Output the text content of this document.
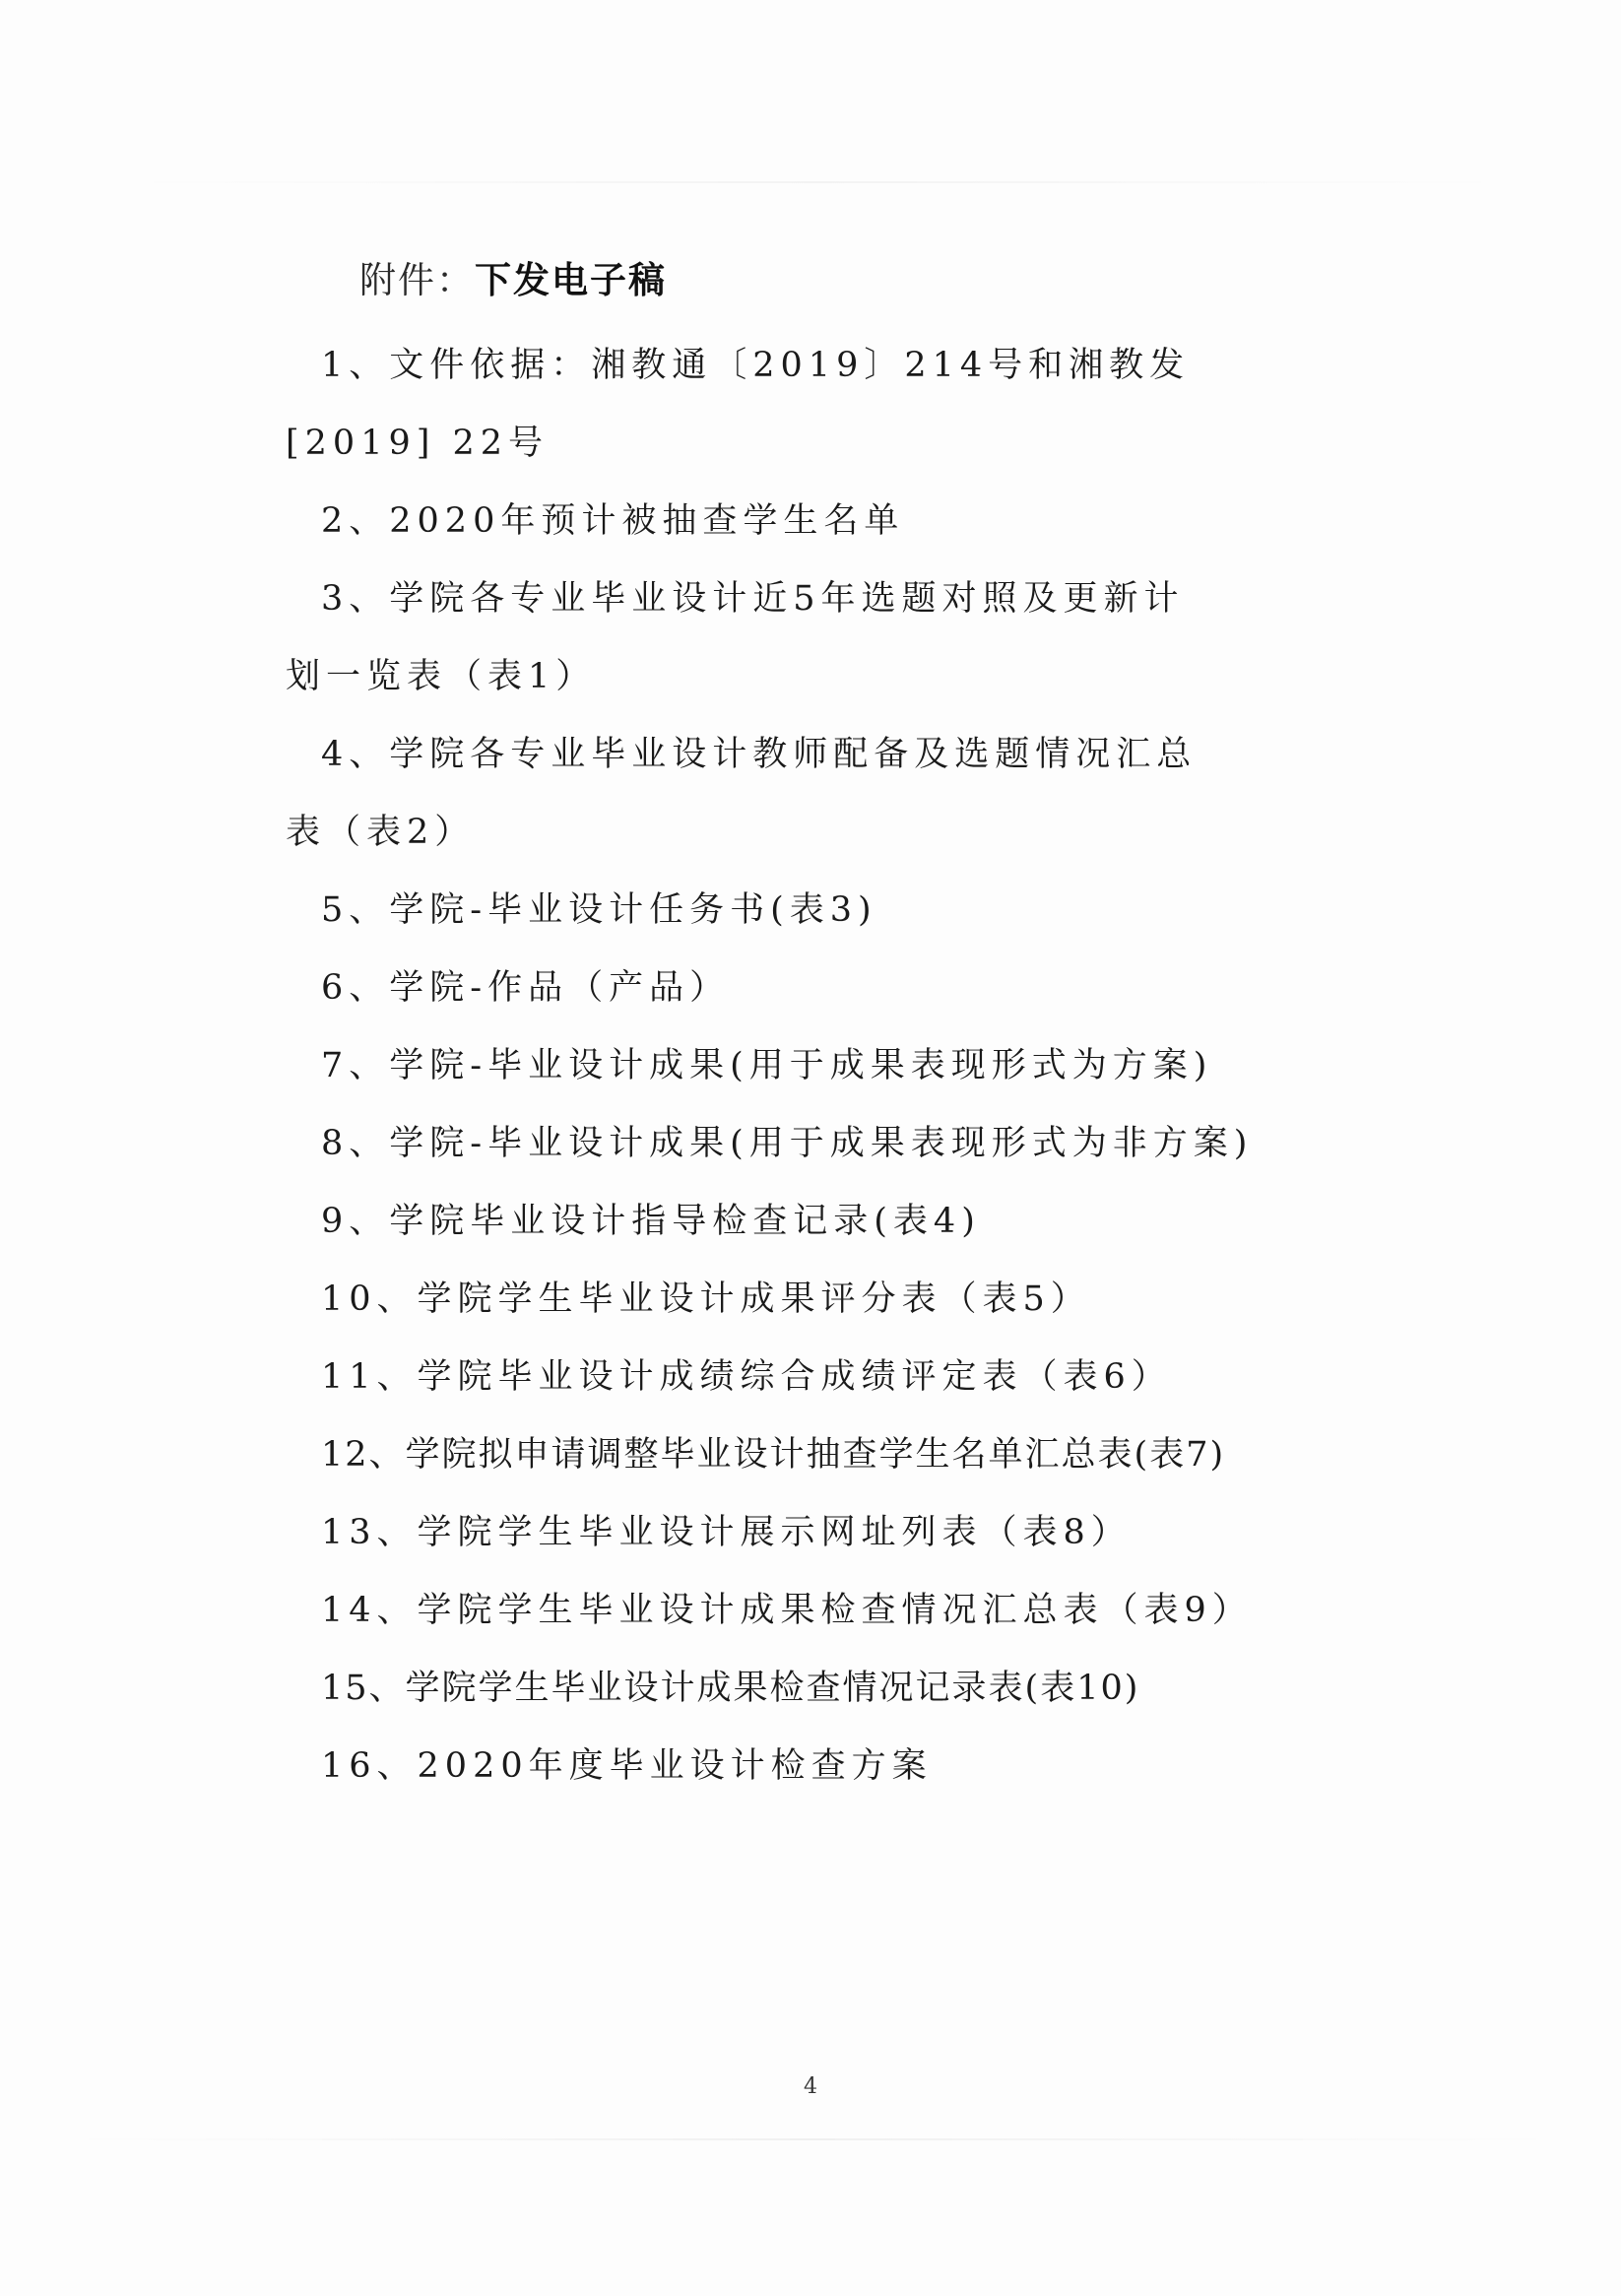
附件：下发电子稿
1、文件依据：湘教通〔2019〕214号和湘教发[2019] 22号
2、2020年预计被抽查学生名单
3、学院各专业毕业设计近5年选题对照及更新计划一览表（表1）
4、学院各专业毕业设计教师配备及选题情况汇总表（表2）
5、学院-毕业设计任务书(表3)
6、学院-作品（产品）
7、学院-毕业设计成果(用于成果表现形式为方案)
8、学院-毕业设计成果(用于成果表现形式为非方案)
9、学院毕业设计指导检查记录(表4)
10、学院学生毕业设计成果评分表（表5）
11、学院毕业设计成绩综合成绩评定表（表6）
12、学院拟申请调整毕业设计抽查学生名单汇总表(表7)
13、学院学生毕业设计展示网址列表（表8）
14、学院学生毕业设计成果检查情况汇总表（表9）
15、学院学生毕业设计成果检查情况记录表(表10)
16、2020年度毕业设计检查方案
4
